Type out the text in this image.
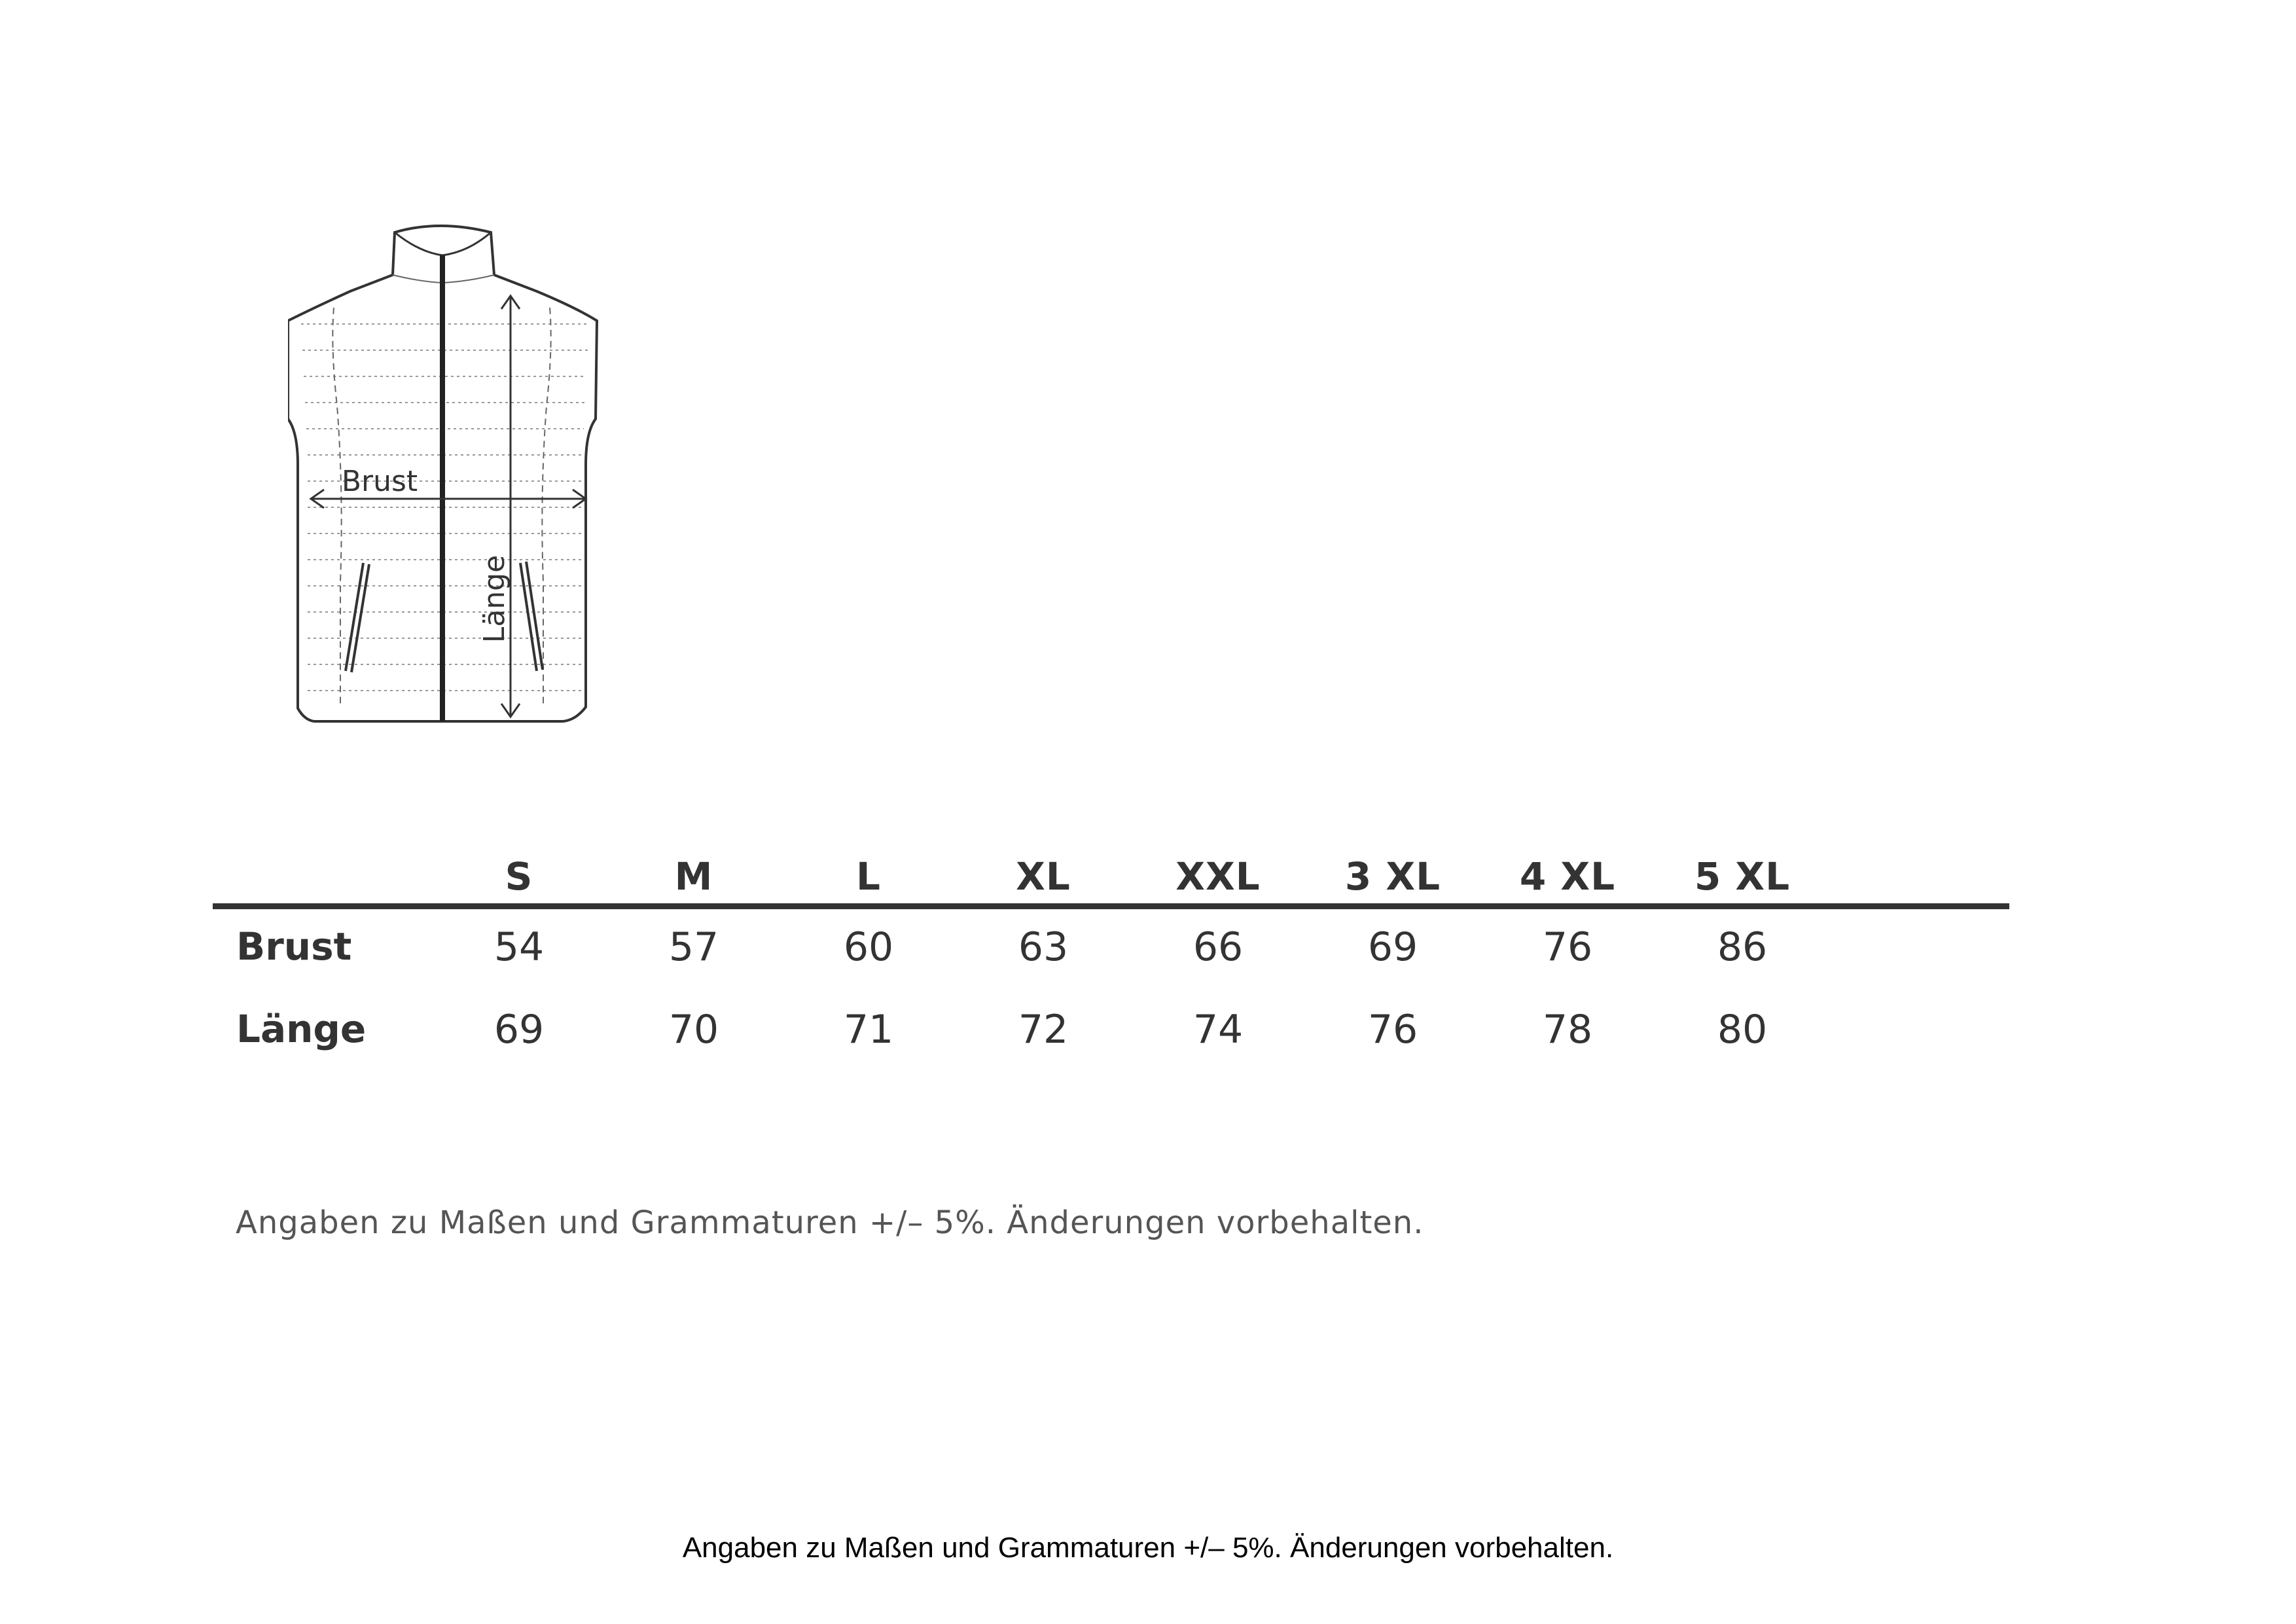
Brust
Länge
S	M	L	XL	XXL	3 XL	4 XL	5 XL
Brust	54	57	60	63	66	69	76	86
Länge	69	70	71	72	74	76	78	80
Angaben zu Maßen und Grammaturen +/– 5%. Änderungen vorbehalten.
Angaben zu Maßen und Grammaturen +/– 5%. Änderungen vorbehalten.
